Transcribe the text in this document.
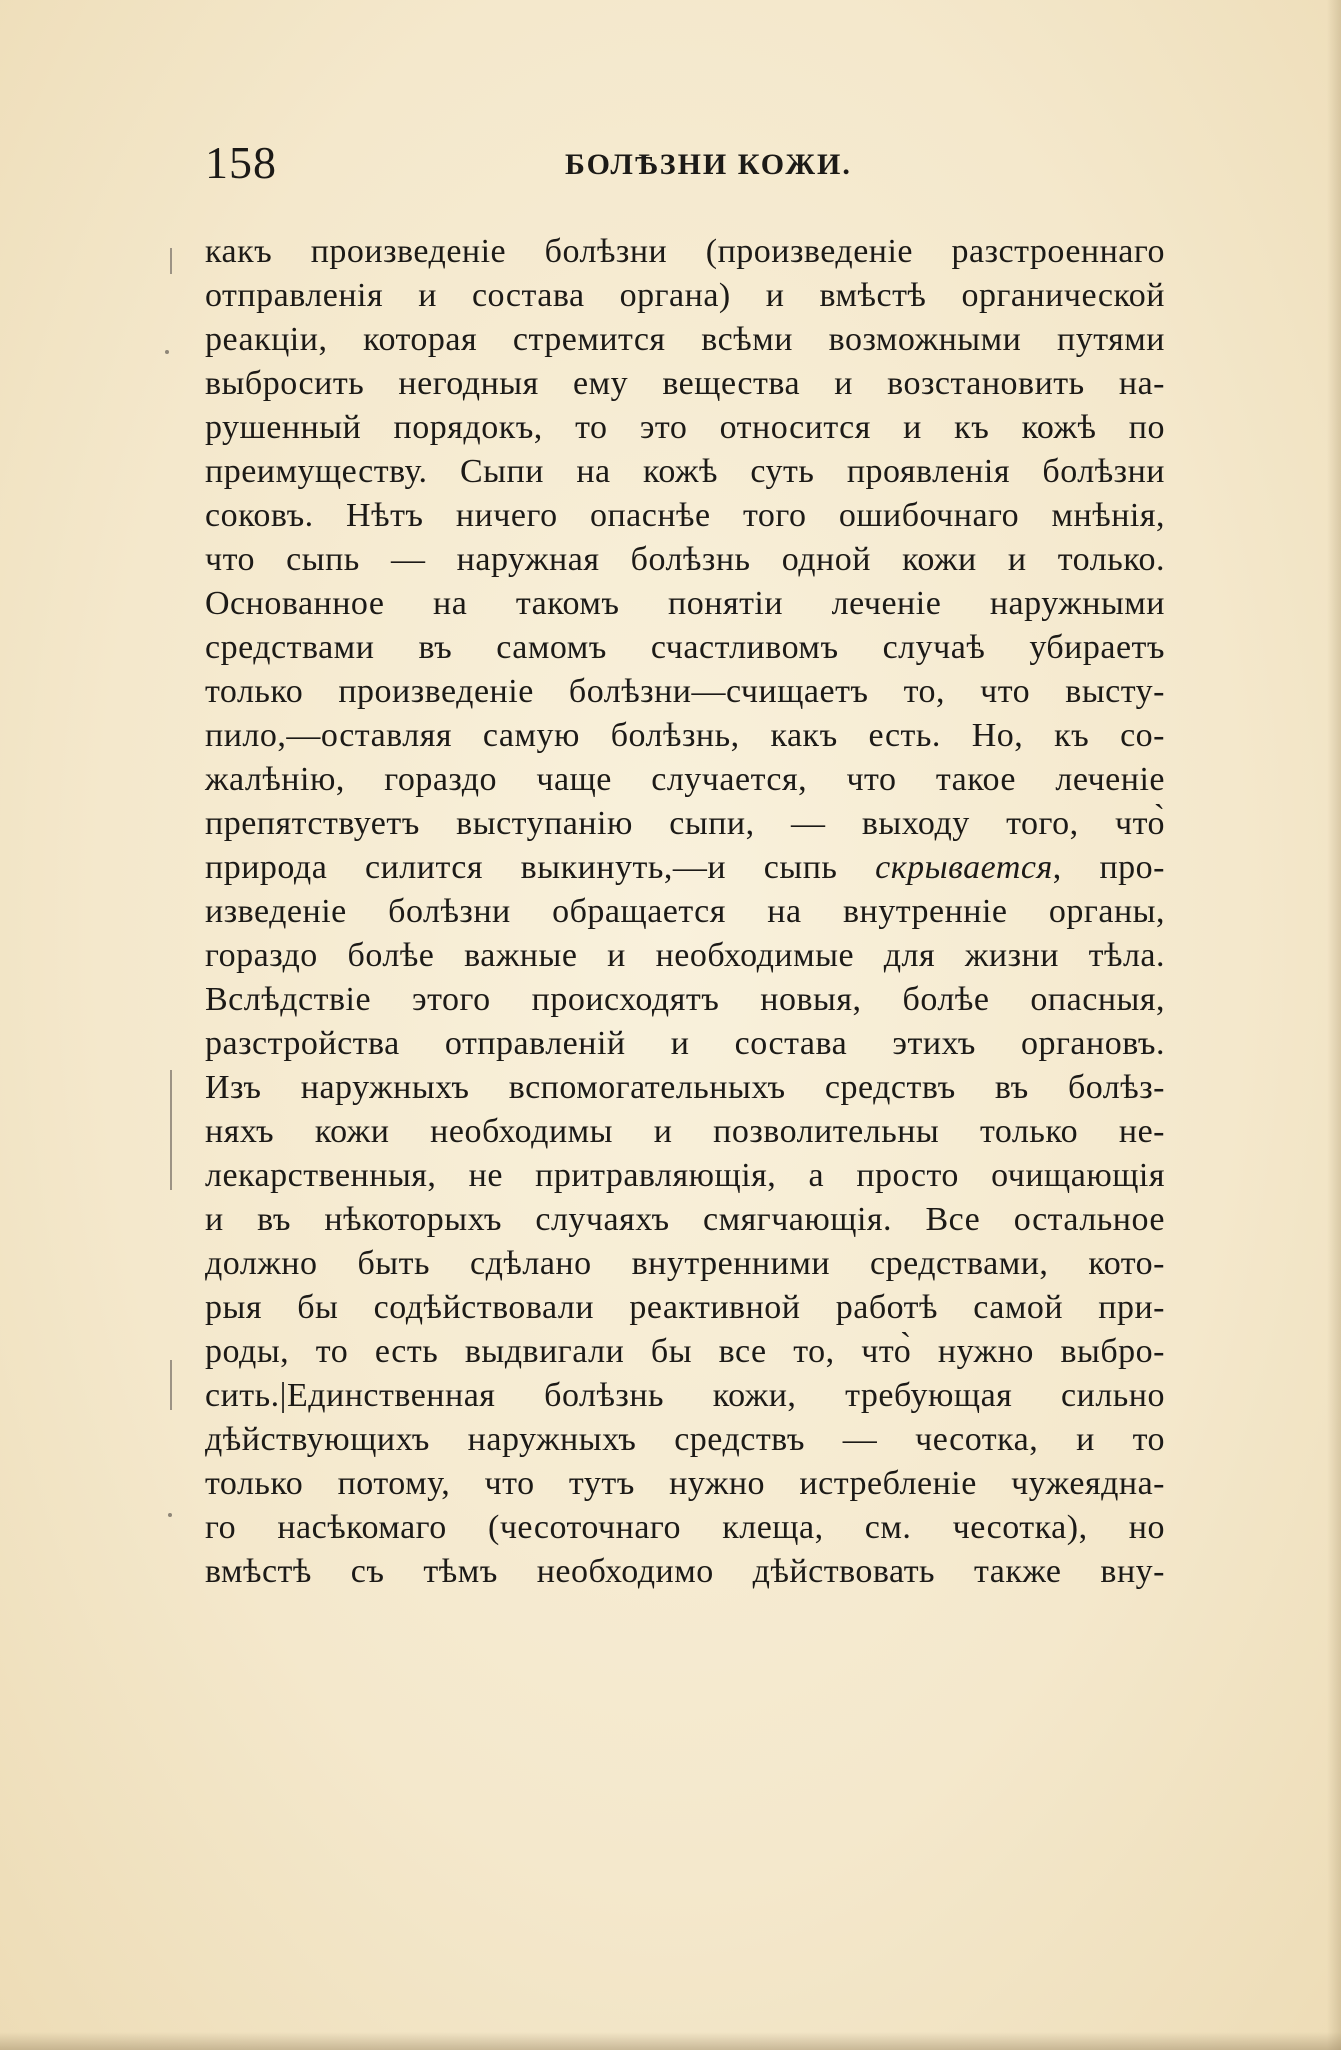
158	БОЛѢЗНИ КОЖИ.

какъ произведеніе болѣзни (произведеніе разстроеннаго

отправленія и состава органа) и вмѣстѣ органической

реакціи, которая стремится всѣми возможными путями

выбросить негодныя ему вещества и возстановить на-

рушенный порядокъ, то это относится и къ кожѣ по

преимуществу. Сыпи на кожѣ суть проявленія болѣзни

соковъ. Нѣтъ ничего опаснѣе того ошибочнаго мнѣнія,

что сыпь — наружная болѣзнь одной кожи и только.

Основанное на такомъ понятіи леченіе наружными

средствами въ самомъ счастливомъ случаѣ убираетъ

только произведеніе болѣзни—счищаетъ то, что высту-

пило,—оставляя самую болѣзнь, какъ есть. Но, къ со-

жалѣнію, гораздо чаще случается, что такое леченіе

препятствуетъ выступанію сыпи, — выходу того, что̀

природа силится выкинуть,—и сыпь скрывается, про-

изведеніе болѣзни обращается на внутренніе органы,

гораздо болѣе важные и необходимые для жизни тѣла.

Вслѣдствіе этого происходятъ новыя, болѣе опасныя,

разстройства отправленій и состава этихъ органовъ.

Изъ наружныхъ вспомогательныхъ средствъ въ болѣз-

няхъ кожи необходимы и позволительны только не-

лекарственныя, не притравляющія, а просто очищающія

и въ нѣкоторыхъ случаяхъ смягчающія. Все остальное

должно быть сдѣлано внутренними средствами, кото-

рыя бы содѣйствовали реактивной работѣ самой при-

роды, то есть выдвигали бы все то, что̀ нужно выбро-

сить.|Единственная болѣзнь кожи, требующая сильно

дѣйствующихъ наружныхъ средствъ — чесотка, и то

только потому, что тутъ нужно истребленіе чужеядна-

го насѣкомаго (чесоточнаго клеща, см. чесотка), но

вмѣстѣ съ тѣмъ необходимо дѣйствовать также вну-
